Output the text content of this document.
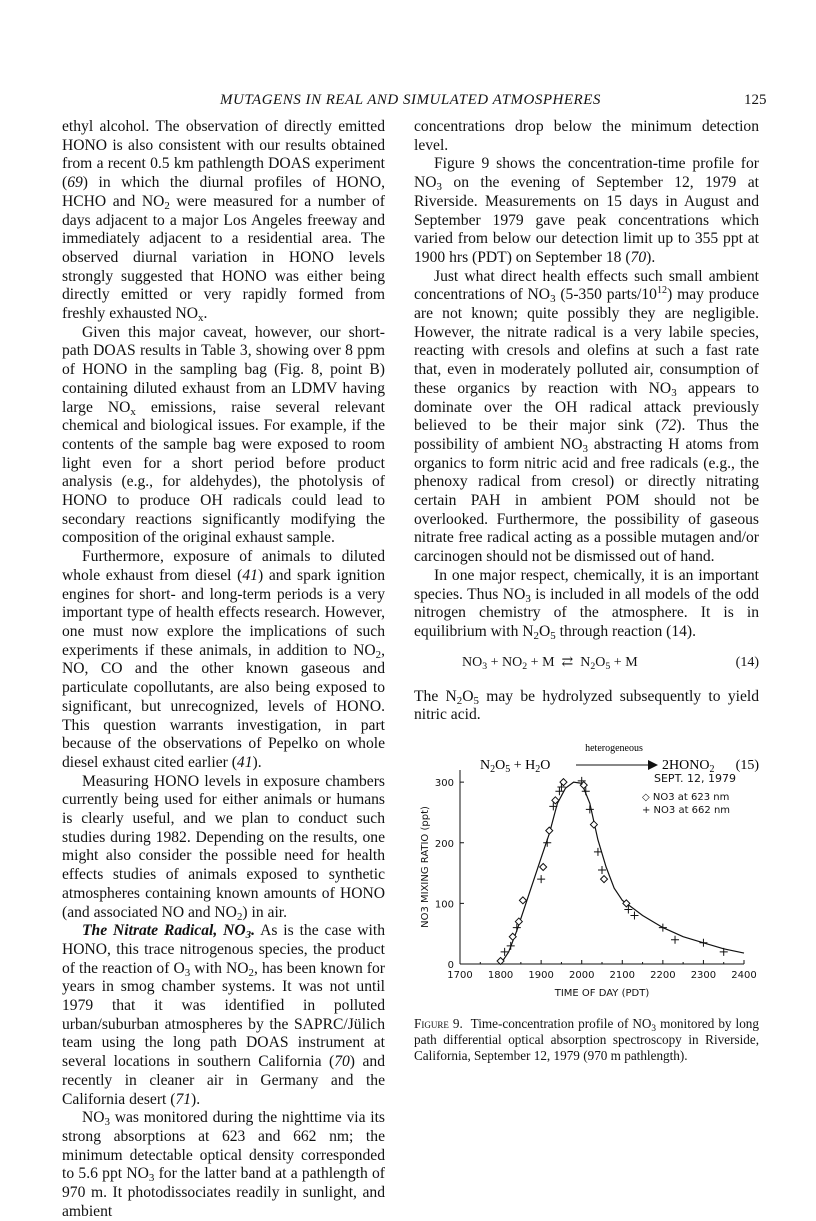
MUTAGENS IN REAL AND SIMULATED ATMOSPHERES	125

ethyl alcohol. The observation of directly emitted HONO is also consistent with our results obtained from a recent 0.5 km pathlength DOAS experiment (69) in which the diurnal profiles of HONO, HCHO and $NO_2$ were measured for a number of days adjacent to a major Los Angeles freeway and immediately adjacent to a residential area. The observed diurnal variation in HONO levels strongly suggested that HONO was either being directly emitted or very rapidly formed from freshly exhausted $NO_x$.

Given this major caveat, however, our short-path DOAS results in Table 3, showing over 8 ppm of HONO in the sampling bag (Fig. 8, point B) containing diluted exhaust from an LDMV having large $NO_x$ emissions, raise several relevant chemical and biological issues. For example, if the contents of the sample bag were exposed to room light even for a short period before product analysis (e.g., for aldehydes), the photolysis of HONO to produce OH radicals could lead to secondary reactions significantly modifying the composition of the original exhaust sample.

Furthermore, exposure of animals to diluted whole exhaust from diesel (41) and spark ignition engines for short- and long-term periods is a very important type of health effects research. However, one must now explore the implications of such experiments if these animals, in addition to $NO_2$, NO, CO and the other known gaseous and particulate copollutants, are also being exposed to significant, but unrecognized, levels of HONO. This question warrants investigation, in part because of the observations of Pepelko on whole diesel exhaust cited earlier (41).

Measuring HONO levels in exposure chambers currently being used for either animals or humans is clearly useful, and we plan to conduct such studies during 1982. Depending on the results, one might also consider the possible need for health effects studies of animals exposed to synthetic atmospheres containing known amounts of HONO (and associated NO and $NO_2$) in air.

The Nitrate Radical, $NO_3$. As is the case with HONO, this trace nitrogenous species, the product of the reaction of $O_3$ with $NO_2$, has been known for years in smog chamber systems. It was not until 1979 that it was identified in polluted urban/suburban atmospheres by the SAPRC/Jülich team using the long path DOAS instrument at several locations in southern California (70) and recently in cleaner air in Germany and the California desert (71).

$NO_3$ was monitored during the nighttime via its strong absorptions at 623 and 662 nm; the minimum detectable optical density corresponded to 5.6 ppt $NO_3$ for the latter band at a pathlength of 970 m. It photodissociates readily in sunlight, and ambient

concentrations drop below the minimum detection level.

Figure 9 shows the concentration-time profile for $NO_3$ on the evening of September 12, 1979 at Riverside. Measurements on 15 days in August and September 1979 gave peak concentrations which varied from below our detection limit up to 355 ppt at 1900 hrs (PDT) on September 18 (70).

Just what direct health effects such small ambient concentrations of $NO_3$ (5-350 parts/$10^{12}$) may produce are not known; quite possibly they are negligible. However, the nitrate radical is a very labile species, reacting with cresols and olefins at such a fast rate that, even in moderately polluted air, consumption of these organics by reaction with $NO_3$ appears to dominate over the OH radical attack previously believed to be their major sink (72). Thus the possibility of ambient $NO_3$ abstracting H atoms from organics to form nitric acid and free radicals (e.g., the phenoxy radical from cresol) or directly nitrating certain PAH in ambient POM should not be overlooked. Furthermore, the possibility of gaseous nitrate free radical acting as a possible mutagen and/or carcinogen should not be dismissed out of hand.

In one major respect, chemically, it is an important species. Thus $NO_3$ is included in all models of the odd nitrogen chemistry of the atmosphere. It is in equilibrium with $N_2O_5$ through reaction (14).

$NO_3 + NO_2 + M$  ⇄  $N_2O_5 + M$	(14)

The $N_2O_5$ may be hydrolyzed subsequently to yield nitric acid.

$N_2O_5 + H_2O$
heterogeneous
$2HONO_2$ (15)
1700 1800 1900 2000 2100 2200 2300 2400
0
100
200
300
TIME OF DAY (PDT)
NO3 MIXING RATIO (ppt)
SEPT. 12, 1979
◇ NO3 at 623 nm
+ NO3 at 662 nm
Figure 9.  Time-concentration profile of $NO_3$ monitored by long path differential optical absorption spectroscopy in Riverside, California, September 12, 1979 (970 m pathlength).
